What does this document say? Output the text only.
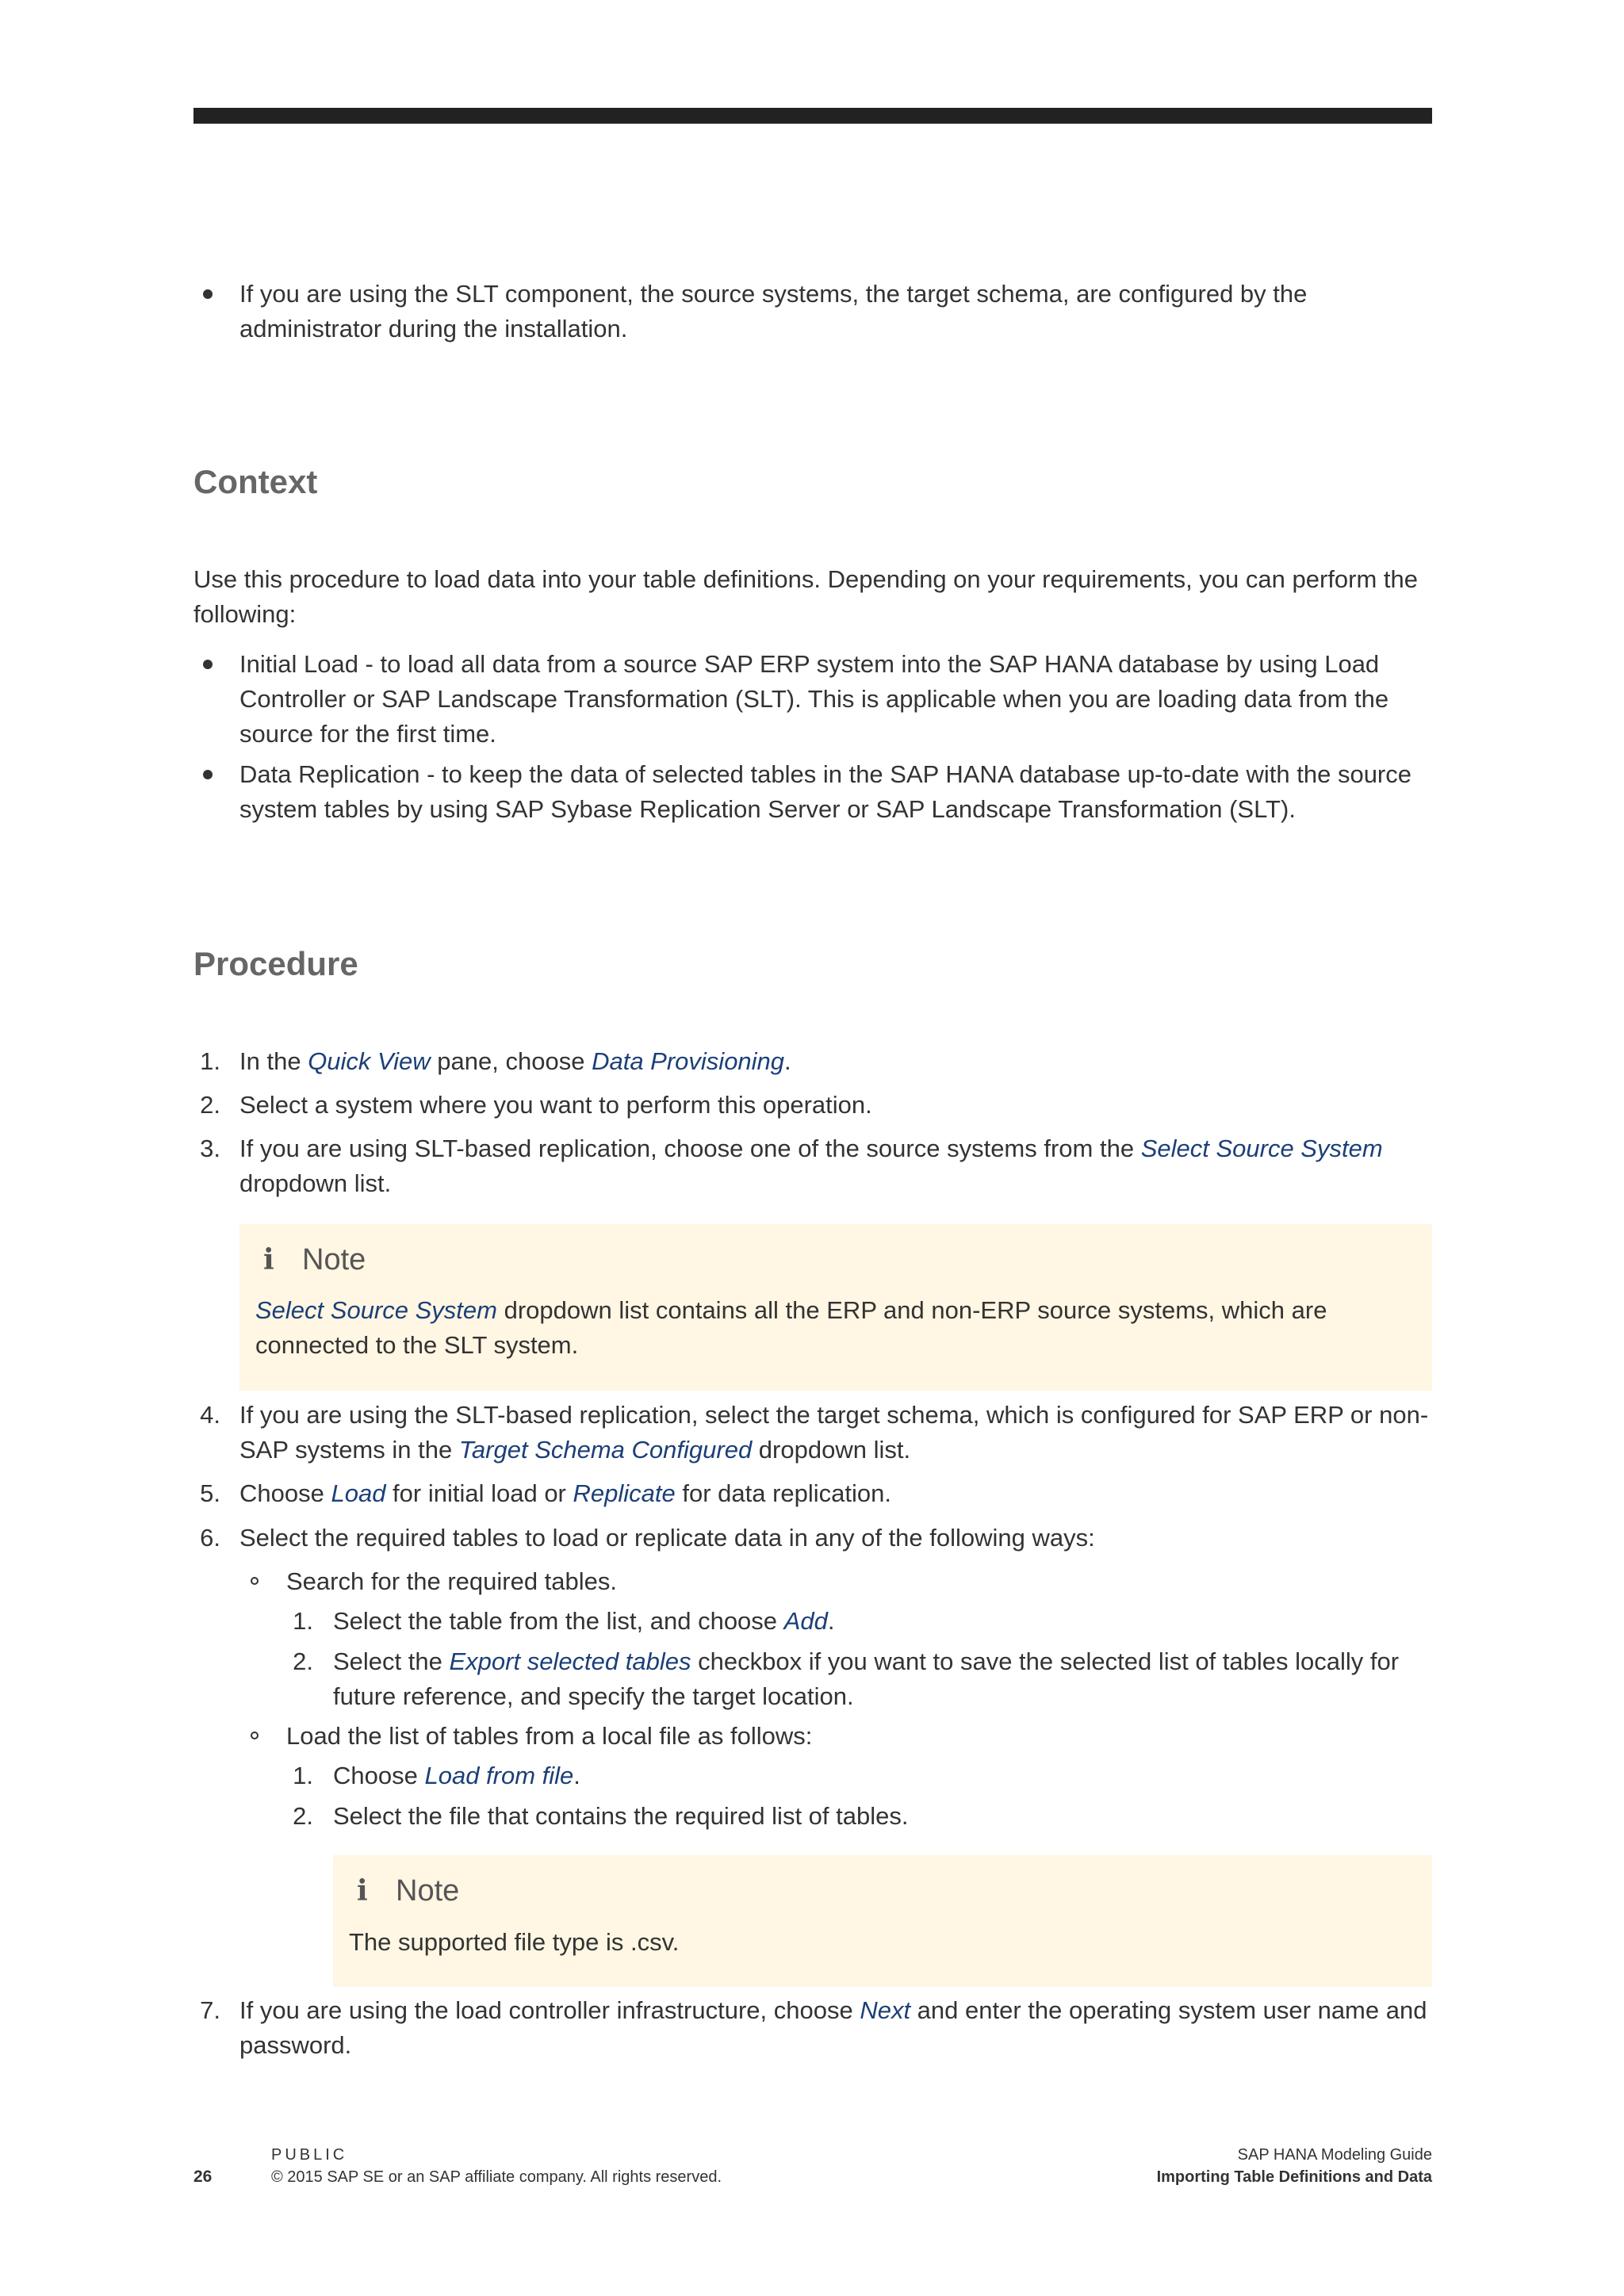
If you are using the SLT component, the source systems, the target schema, are configured by the administrator during the installation.
Context
Use this procedure to load data into your table definitions. Depending on your requirements, you can perform the following:
Initial Load - to load all data from a source SAP ERP system into the SAP HANA database by using Load Controller or SAP Landscape Transformation (SLT). This is applicable when you are loading data from the source for the first time.
Data Replication - to keep the data of selected tables in the SAP HANA database up-to-date with the source system tables by using SAP Sybase Replication Server or SAP Landscape Transformation (SLT).
Procedure
1. In the Quick View pane, choose Data Provisioning.
2. Select a system where you want to perform this operation.
3. If you are using SLT-based replication, choose one of the source systems from the Select Source System dropdown list.
i Note
Select Source System dropdown list contains all the ERP and non-ERP source systems, which are connected to the SLT system.
4. If you are using the SLT-based replication, select the target schema, which is configured for SAP ERP or non-SAP systems in the Target Schema Configured dropdown list.
5. Choose Load for initial load or Replicate for data replication.
6. Select the required tables to load or replicate data in any of the following ways:
Search for the required tables.
1. Select the table from the list, and choose Add.
2. Select the Export selected tables checkbox if you want to save the selected list of tables locally for future reference, and specify the target location.
Load the list of tables from a local file as follows:
1. Choose Load from file.
2. Select the file that contains the required list of tables.
i Note
The supported file type is .csv.
7. If you are using the load controller infrastructure, choose Next and enter the operating system user name and password.
26
PUBLIC
© 2015 SAP SE or an SAP affiliate company. All rights reserved.
SAP HANA Modeling Guide
Importing Table Definitions and Data
